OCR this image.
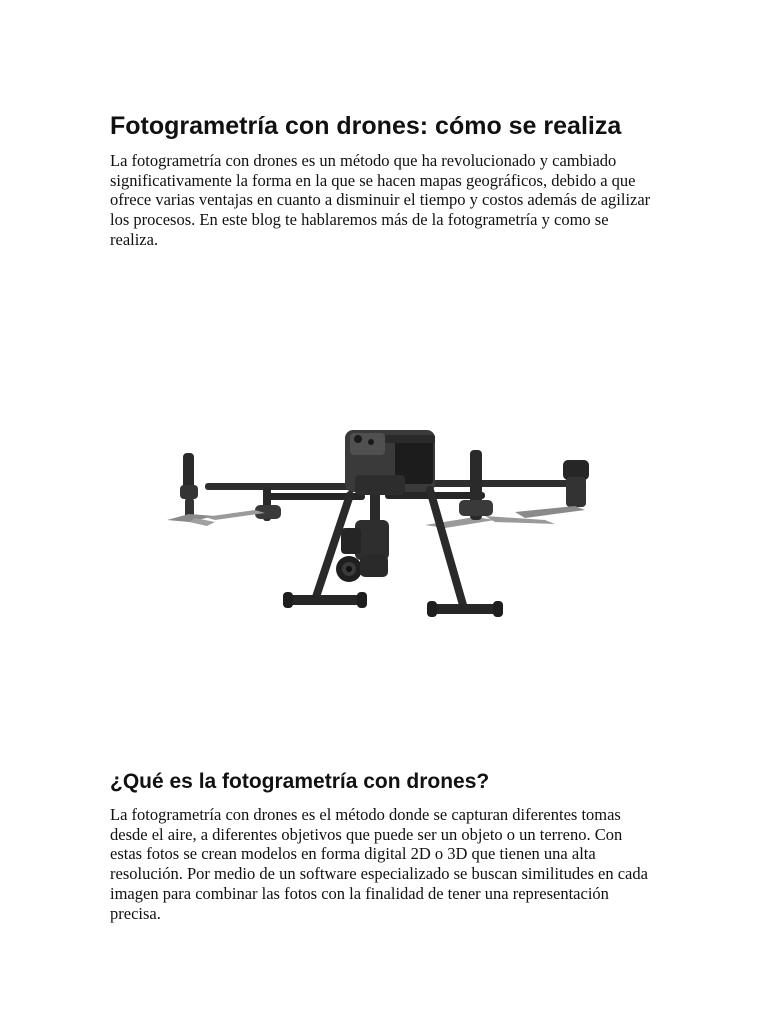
Fotogrametría con drones: cómo se realiza

La fotogrametría con drones es un método que ha revolucionado y cambiado significativamente la forma en la que se hacen mapas geográficos, debido a que ofrece varias ventajas en cuanto a disminuir el tiempo y costos además de agilizar los procesos. En este blog te hablaremos más de la fotogrametría y como se realiza.

¿Qué es la fotogrametría con drones?

La fotogrametría con drones es el método donde se capturan diferentes tomas desde el aire, a diferentes objetivos que puede ser un objeto o un terreno. Con estas fotos se crean modelos en forma digital 2D o 3D que tienen una alta resolución. Por medio de un software especializado se buscan similitudes en cada imagen para combinar las fotos con la finalidad de tener una representación precisa.
